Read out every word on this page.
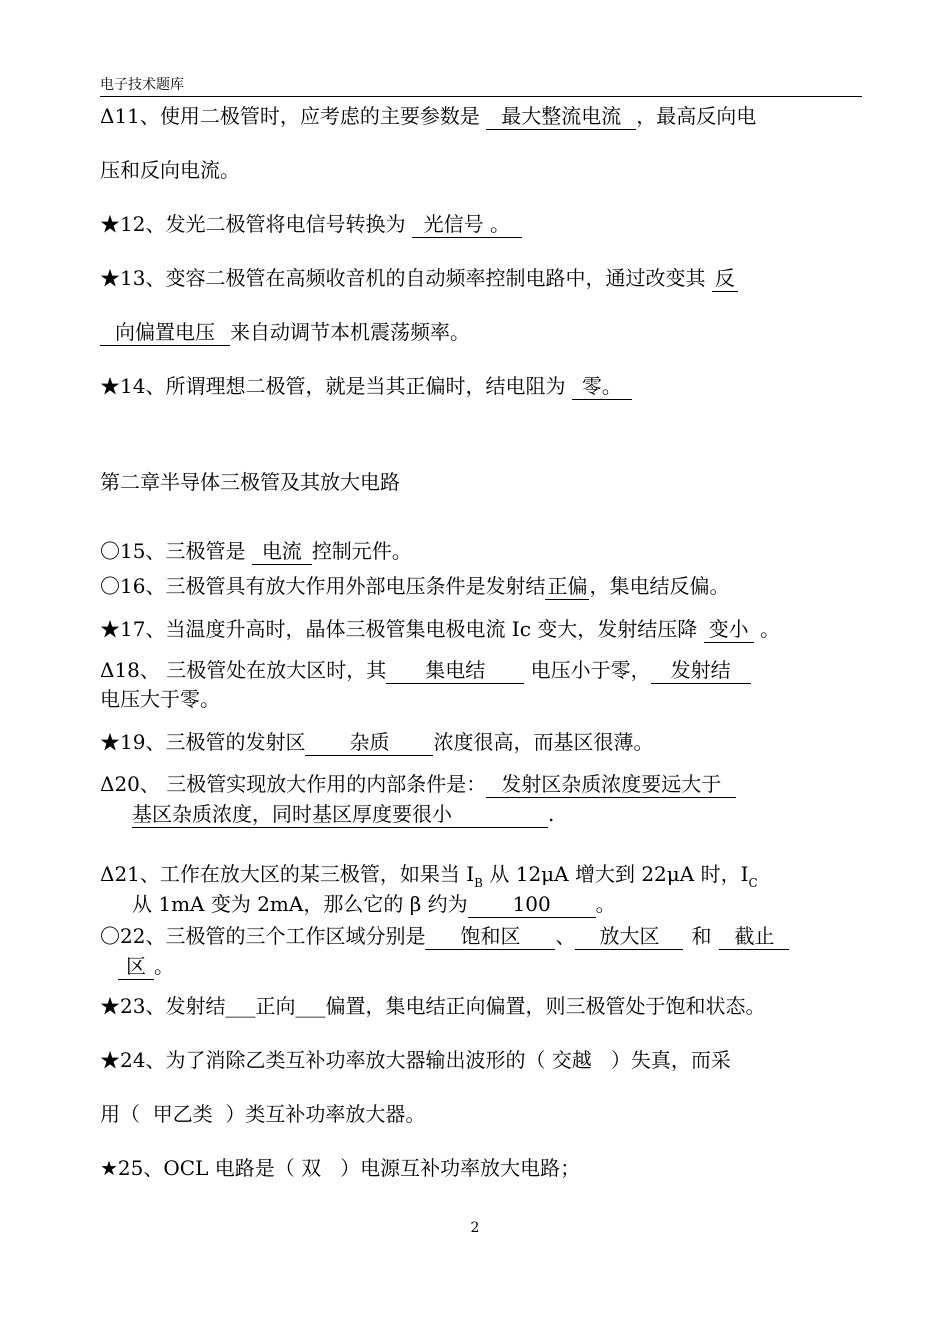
电子技术题库
Δ11、使用二极管时，应考虑的主要参数是 最大整流电流 ，最高反向电
压和反向电流。
★12、发光二极管将电信号转换为 光信号 。
★13、变容二极管在高频收音机的自动频率控制电路中，通过改变其 反
向偏置电压 来自动调节本机震荡频率。
★14、所谓理想二极管，就是当其正偏时，结电阻为 零。
第二章半导体三极管及其放大电路
〇15、三极管是 电流 控制元件。
〇16、三极管具有放大作用外部电压条件是发射结 正偏 ，集电结反偏。
★17、当温度升高时，晶体三极管集电极电流 Ic 变大，发射结压降 变小 。
Δ18、 三极管处在放大区时，其 集电结 电压小于零， 发射结
电压大于零。
★19、三极管的发射区 杂质 浓度很高，而基区很薄。
Δ20、 三极管实现放大作用的内部条件是： 发射区杂质浓度要远大于
基区杂质浓度，同时基区厚度要很小	.
Δ21、工作在放大区的某三极管，如果当 $I_B$ 从 12μA 增大到 22μA 时，$I_C$
从 1mA 变为 2mA，那么它的 β 约为 100 。
〇22、三极管的三个工作区域分别是 饱和区 、 放大区 和 截止
区 。
★23、发射结___正向___偏置，集电结正向偏置，则三极管处于饱和状态。
★24、为了消除乙类互补功率放大器输出波形的（ 交越   ）失真，而采
用（  甲乙类  ）类互补功率放大器。
★25、OCL 电路是（ 双   ）电源互补功率放大电路；
2
